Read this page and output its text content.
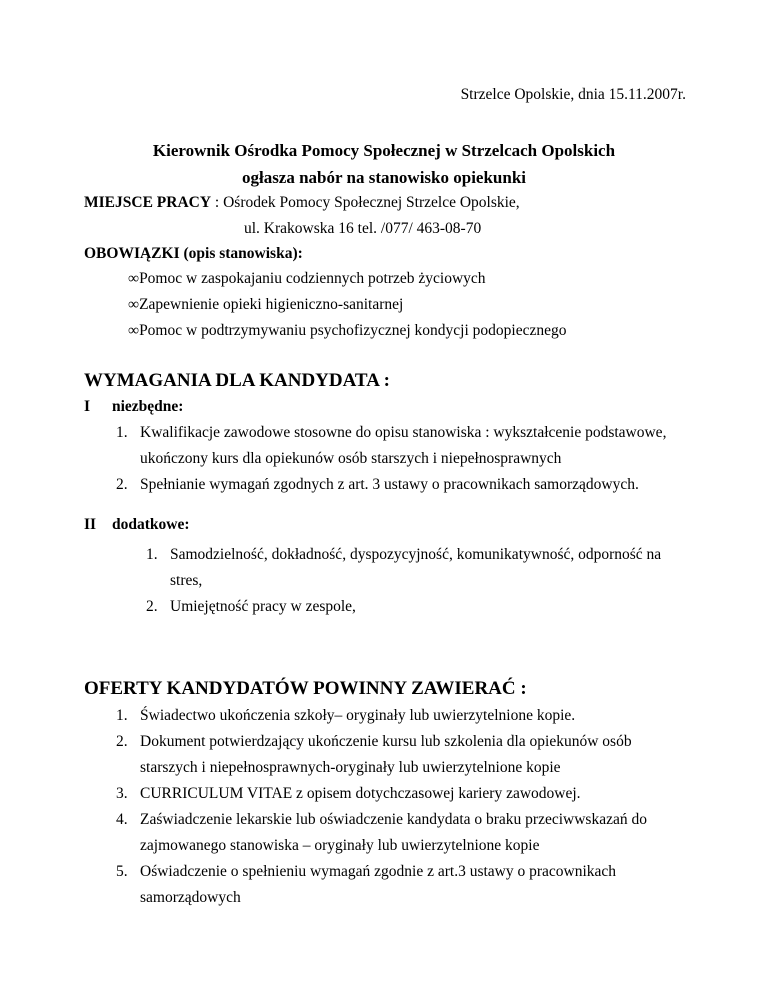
Strzelce Opolskie, dnia 15.11.2007r.
Kierownik Ośrodka Pomocy Społecznej w Strzelcach Opolskich
ogłasza nabór na stanowisko opiekunki
MIEJSCE PRACY : Ośrodek Pomocy Społecznej Strzelce Opolskie,
ul. Krakowska 16 tel. /077/ 463-08-70
OBOWIĄZKI (opis stanowiska):
∞Pomoc w zaspokajaniu codziennych potrzeb życiowych
∞Zapewnienie opieki higieniczno-sanitarnej
∞Pomoc w podtrzymywaniu psychofizycznej kondycji podopiecznego
WYMAGANIA DLA KANDYDATA :
I niezbędne:
1. Kwalifikacje zawodowe stosowne do opisu stanowiska : wykształcenie podstawowe,
ukończony kurs dla opiekunów osób starszych i niepełnosprawnych
2. Spełnianie wymagań zgodnych z art. 3 ustawy o pracownikach samorządowych.
II dodatkowe:
1. Samodzielność, dokładność, dyspozycyjność, komunikatywność, odporność na
stres,
2. Umiejętność pracy w zespole,
OFERTY KANDYDATÓW POWINNY ZAWIERAĆ :
1. Świadectwo ukończenia szkoły– oryginały lub uwierzytelnione kopie.
2. Dokument potwierdzający ukończenie kursu lub szkolenia dla opiekunów osób
starszych i niepełnosprawnych-oryginały lub uwierzytelnione kopie
3. CURRICULUM VITAE z opisem dotychczasowej kariery zawodowej.
4. Zaświadczenie lekarskie lub oświadczenie kandydata o braku przeciwwskazań do
zajmowanego stanowiska – oryginały lub uwierzytelnione kopie
5. Oświadczenie o spełnieniu wymagań zgodnie z art.3 ustawy o pracownikach
samorządowych
